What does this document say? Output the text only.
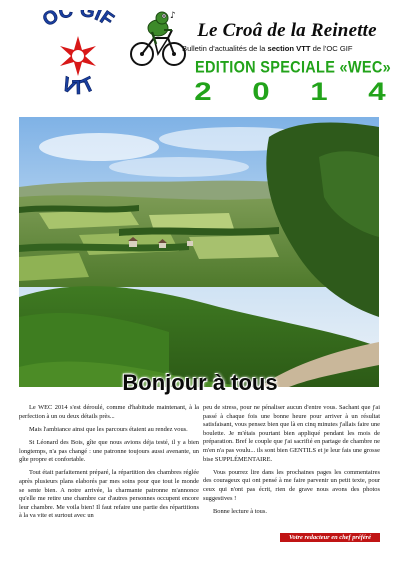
OC GIF
VTT
♪
Le Croâ de la Reinette
Bulletin d'actualités de la section VTT de l'OC GIF
EDITION SPECIALE «WEC»
2 0 1 4
Bonjour à tous

Le WEC 2014 s'est déroulé, comme d'habitude maintenant, à la perfection à un ou deux détails près...

Mais l'ambiance ainsi que les parcours étaient au rendez vous.

St Léonard des Bois, gîte que nous avions déja testé, il y a bien longtemps, n'a pas changé : une patronne toujours aussi avenante, un gîte propre et confortable.

Tout était parfaitement préparé, la répartition des chambres réglée après plusieurs plans elaborés par mes soins pour que tout le monde se sente bien. A notre arrivée, la charmante patronne m'annonce qu'elle me retire une chambre car d'autres personnes occupent encore leur chambre. Me voila bien! Il faut refaire une partie des répartitions à la va vite et surtout avec un

peu de stress, pour ne pénaliser aucun d'entre vous. Sachant que j'ai passé à chaque fois une bonne heure pour arriver à un résultat satisfaisant, vous pensez bien que là en cinq minutes j'allais faire une boulette. Je m'étais pourtant bien appliqué pendant les mois de préparation. Bref le couple que j'ai sacrifié en partage de chambre ne m'en n'a pas voulu... ils sont bien GENTILS et je leur fais une grosse bise SUPPLÉMENTAIRE.

Vous pourrez lire dans les prochaines pages les commentaires des courageux qui ont pensé à me faire parvenir un petit texte, pour ceux qui n'ont pas écrit, rien de grave nous avons des photos suggestives !

Bonne lecture à tous.

Votre redacteur en chef préféré
